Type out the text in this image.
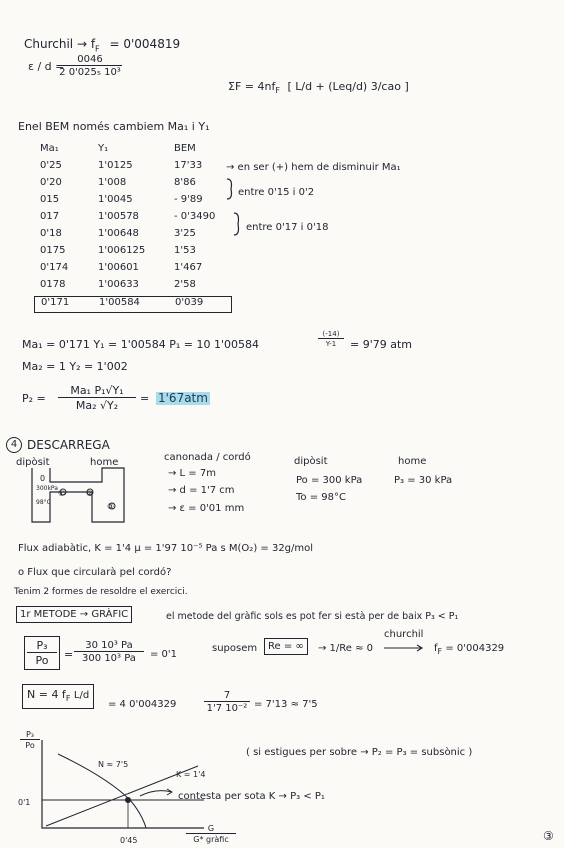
Churchil → $f_F = 0'004819$
ε / d =
$\frac{0046}{\text{2 0'025₅ 10³}}$
$\Sigma F = 4nf_F$ [ L/d + (Leq/d) 3/cao ]
Enel BEM només cambiem Ma₁ i Y₁
Ma₁	Y₁	BEM
0'25	1'0125	17'33
0'20	1'008	8'86
015	1'0045	- 9'89
017	1'00578	- 0'3490
0'18	1'00648	3'25
0175	1'006125	1'53
0'174	1'00601	1'467
0178	1'00633	2'58
0'171	1'00584	0'039
→ en ser (+) hem de disminuir Ma₁
entre 0'15 i 0'2
entre 0'17 i 0'18
Ma₁ = 0'171 Y₁ = 1'00584 P₁ = 10 1'00584	$\frac{(-14)}{Y-1} = 9'79$ atm
Ma₂ = 1 Y₂ = 1'002
$P_2 = \frac{\text{Ma₁ P₁√Y₁}}{\text{Ma₂ √Y₂}} = 1'67atm$
4 DESCARREGA
dipòsit	home
0
300kPa
98°C
①	②
③
canonada / cordó
→ L = 7m
→ d = 1'7 cm
→ ε = 0'01 mm
dipòsit
Po = 300 kPa
To = 98°C
home
P₃ = 30 kPa
Flux adiabàtic, K = 1'4 μ = 1'97 10⁻⁵ Pa s M(O₂) = 32g/mol
o Flux que circularà pel cordó?
Tenim 2 formes de resoldre el exercici.
1r METODE → GRÀFIC	el metode del gràfic sols es pot fer si està per de baix P₃ < P₁
$\frac{\text{P₃}}{Po} = \frac{\text{30 10³ Pa}}{\text{300 10³ Pa}} = 0'1$
suposem	Re = ∞	→ 1/Re ≈ 0
churchil
$f_F = 0'004329$
N = 4 $f_F$ L/d
= 4 0'004329	$\frac{7}{\text{1'7 10⁻²}} = 7'13 \approx 7'5$
$\frac{\text{P₃}}{Po}$
N ≈ 7'5
K = 1'4
0'1
0'45
G
G* gràfic
contesta per sota K → P₃ < P₁
( si estigues per sobre → P₂ = P₃ = subsònic )
③
